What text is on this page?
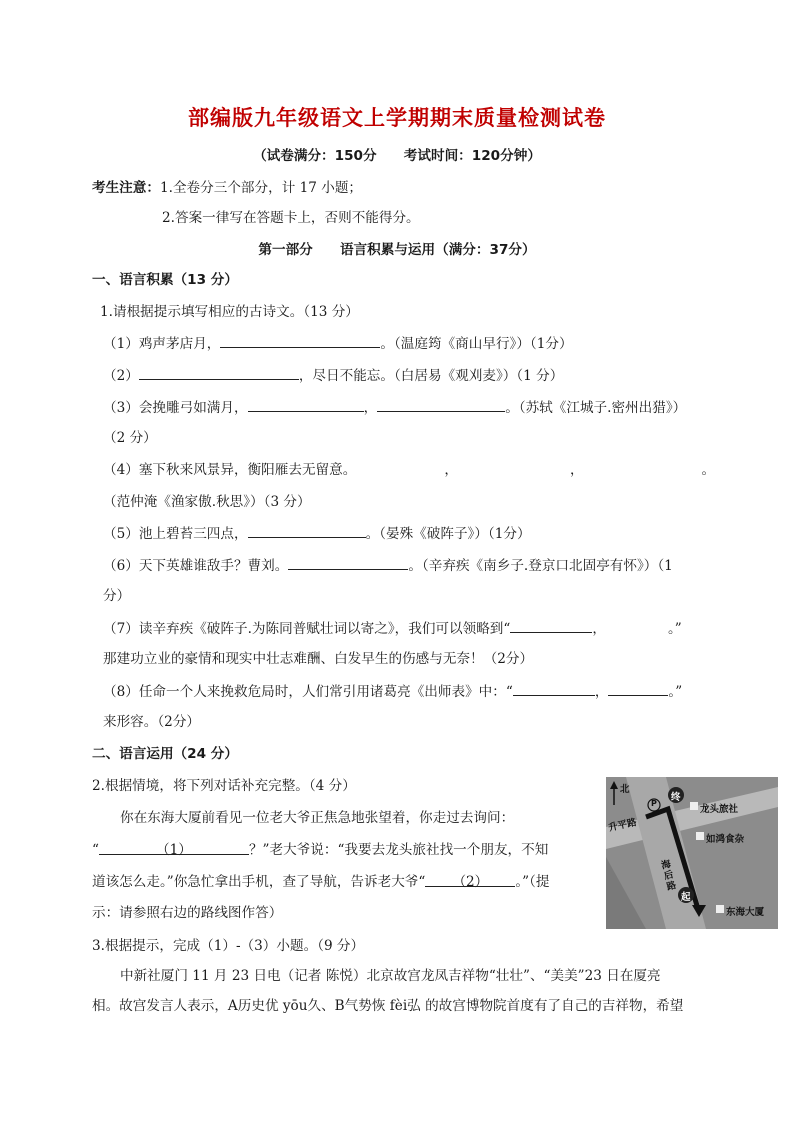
部编版九年级语文上学期期末质量检测试卷
（试卷满分：150分　　考试时间：120分钟）
考生注意：1.全卷分三个部分，计 17 小题；
2.答案一律写在答题卡上，否则不能得分。
第一部分　　语言积累与运用（满分：37分）
一、语言积累（13 分）
1.请根据提示填写相应的古诗文。（13 分）
（1）鸡声茅店月，	。（温庭筠《商山早行》）（1分）
（2）	，尽日不能忘。（白居易《观刈麦》）（1 分）
（3）会挽雕弓如满月，	，	。（苏轼《江城子.密州出猎》）
（2 分）
（4）塞下秋来风景异，衡阳雁去无留意。	，	，	。
（范仲淹《渔家傲.秋思》）（3 分）
（5）池上碧苔三四点，	。（晏殊《破阵子》）（1分）
（6）天下英雄谁敌手？曹刘。	。（辛弃疾《南乡子.登京口北固亭有怀》）（1
分）
（7）读辛弃疾《破阵子.为陈同普赋壮词以寄之》，我们可以领略到“	，	。”
那建功立业的豪情和现实中壮志难酬、白发早生的伤感与无奈！（2分）
（8）任命一个人来挽救危局时，人们常引用诸葛亮《出师表》中：“	，	。”
来形容。（2分）
二、语言运用（24 分）
2.根据情境，将下列对话补充完整。（4 分）
你在东海大厦前看见一位老大爷正焦急地张望着，你走过去询问：
“	（1）	？”老大爷说：“我要去龙头旅社找一个朋友，不知
道该怎么走。”你急忙拿出手机，查了导航，告诉老大爷“ （2） 。”（提
示：请参照右边的路线图作答）
北
终
起
P
升平路
海后路
龙头旅社
如鸿食杂
东海大厦
3.根据提示，完成（1）-（3）小题。（9 分）
中新社厦门 11 月 23 日电（记者 陈悦）北京故宫龙凤吉祥物“壮壮”、“美美”23 日在厦亮
相。故宫发言人表示，A历史优 yōu久、B气势恢 fèi弘 的故宫博物院首度有了自己的吉祥物，希望
